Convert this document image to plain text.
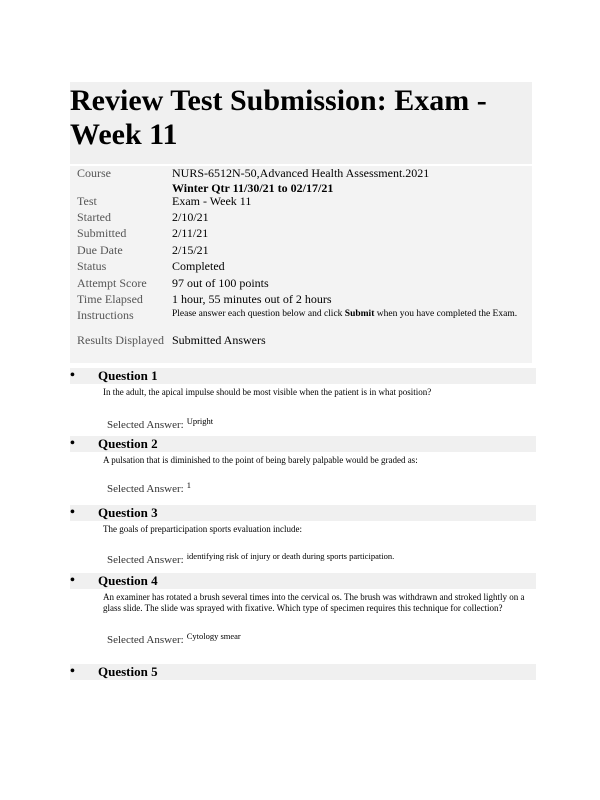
Review Test Submission: Exam - Week 11
Course	NURS-6512N-50,Advanced Health Assessment.2021
Winter Qtr 11/30/21 to 02/17/21
Test	Exam - Week 11
Started	2/10/21
Submitted	2/11/21
Due Date	2/15/21
Status	Completed
Attempt Score	97 out of 100 points
Time Elapsed	1 hour, 55 minutes out of 2 hours
Instructions	Please answer each question below and click Submit when you have completed the Exam.
Results Displayed Submitted Answers
•	Question 1
In the adult, the apical impulse should be most visible when the patient is in what position?
Selected Answer: Upright
•	Question 2
A pulsation that is diminished to the point of being barely palpable would be graded as:
Selected Answer: 1
•	Question 3
The goals of preparticipation sports evaluation include:
Selected Answer: identifying risk of injury or death during sports participation.
•	Question 4
An examiner has rotated a brush several times into the cervical os. The brush was withdrawn and stroked lightly on a glass slide. The slide was sprayed with fixative. Which type of specimen requires this technique for collection?
Selected Answer: Cytology smear
•	Question 5
